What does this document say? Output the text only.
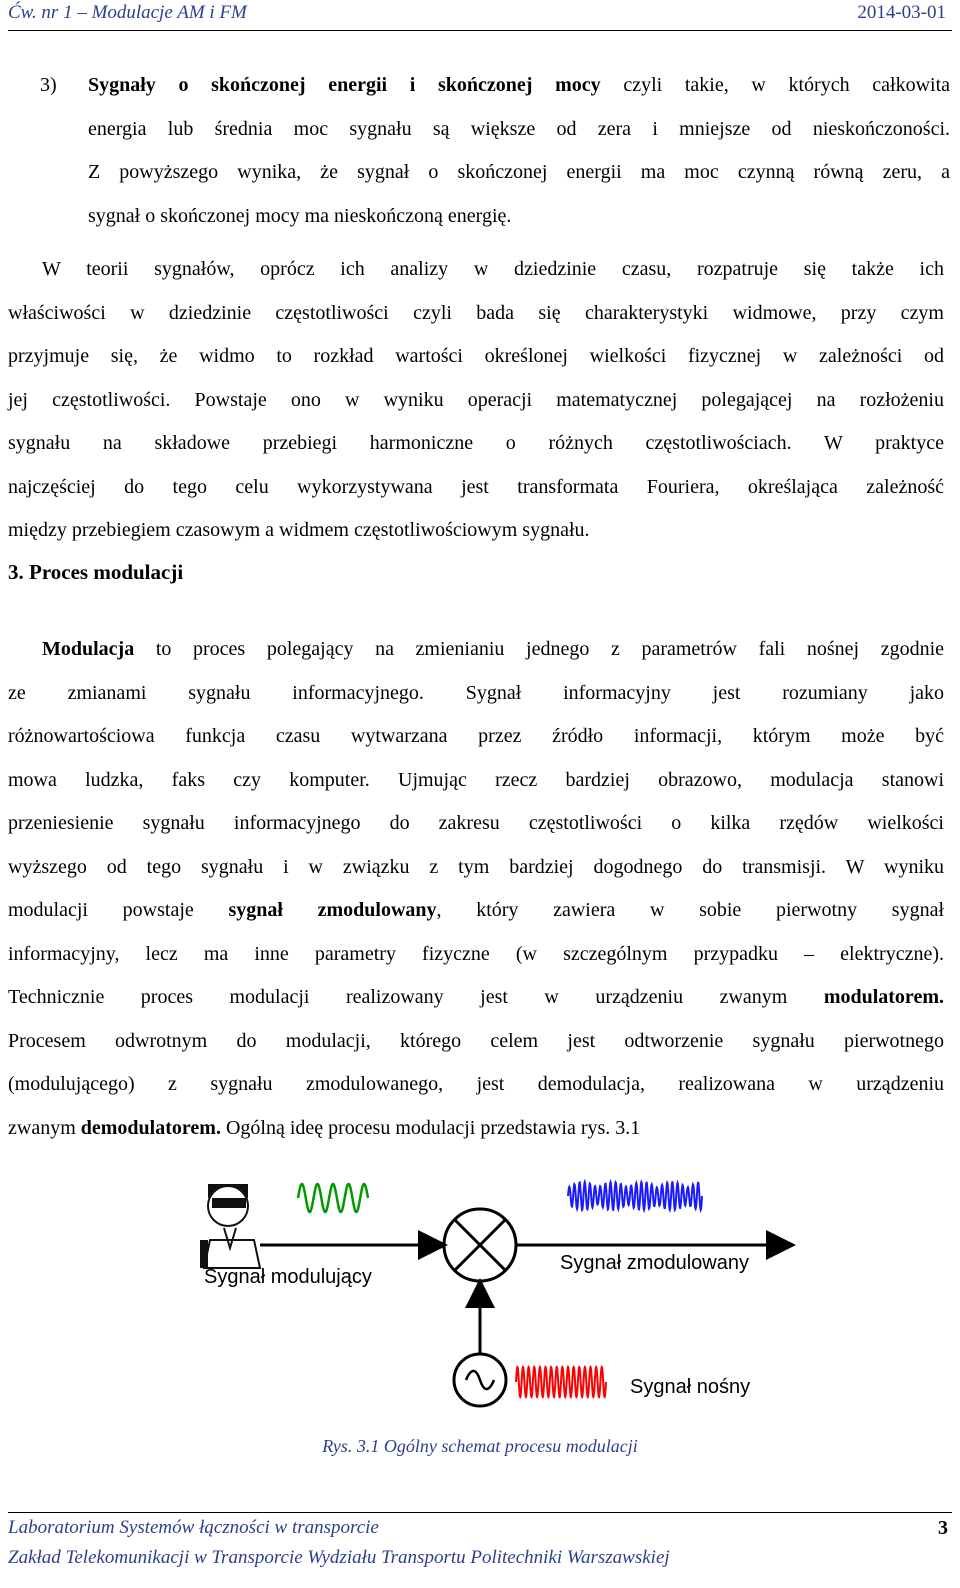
Ćw. nr 1 – Modulacje AM i FM	2014-03-01
3) Sygnały o skończonej energii i skończonej mocy czyli takie, w których całkowita
energia lub średnia moc sygnału są większe od zera i mniejsze od nieskończoności.
Z powyższego wynika, że sygnał o skończonej energii ma moc czynną równą zeru, a
sygnał o skończonej mocy ma nieskończoną energię.
W teorii sygnałów, oprócz ich analizy w dziedzinie czasu, rozpatruje się także ich
właściwości w dziedzinie częstotliwości czyli bada się charakterystyki widmowe, przy czym
przyjmuje się, że widmo to rozkład wartości określonej wielkości fizycznej w zależności od
jej częstotliwości. Powstaje ono w wyniku operacji matematycznej polegającej na rozłożeniu
sygnału na składowe przebiegi harmoniczne o różnych częstotliwościach. W praktyce
najczęściej do tego celu wykorzystywana jest transformata Fouriera, określająca zależność
między przebiegiem czasowym a widmem częstotliwościowym sygnału.
3. Proces modulacji
Modulacja to proces polegający na zmienianiu jednego z parametrów fali nośnej zgodnie
ze zmianami sygnału informacyjnego. Sygnał informacyjny jest rozumiany jako
różnowartościowa funkcja czasu wytwarzana przez źródło informacji, którym może być
mowa ludzka, faks czy komputer. Ujmując rzecz bardziej obrazowo, modulacja stanowi
przeniesienie sygnału informacyjnego do zakresu częstotliwości o kilka rzędów wielkości
wyższego od tego sygnału i w związku z tym bardziej dogodnego do transmisji. W wyniku
modulacji powstaje sygnał zmodulowany, który zawiera w sobie pierwotny sygnał
informacyjny, lecz ma inne parametry fizyczne (w szczególnym przypadku – elektryczne).
Technicznie proces modulacji realizowany jest w urządzeniu zwanym modulatorem.
Procesem odwrotnym do modulacji, którego celem jest odtworzenie sygnału pierwotnego
(modulującego) z sygnału zmodulowanego, jest demodulacja, realizowana w urządzeniu
zwanym demodulatorem. Ogólną ideę procesu modulacji przedstawia rys. 3.1
Sygnał modulujący
Sygnał zmodulowany
Sygnał nośny
Rys. 3.1 Ogólny schemat procesu modulacji
Laboratorium Systemów łączności w transporcie
Zakład Telekomunikacji w Transporcie Wydziału Transportu Politechniki Warszawskiej
3
